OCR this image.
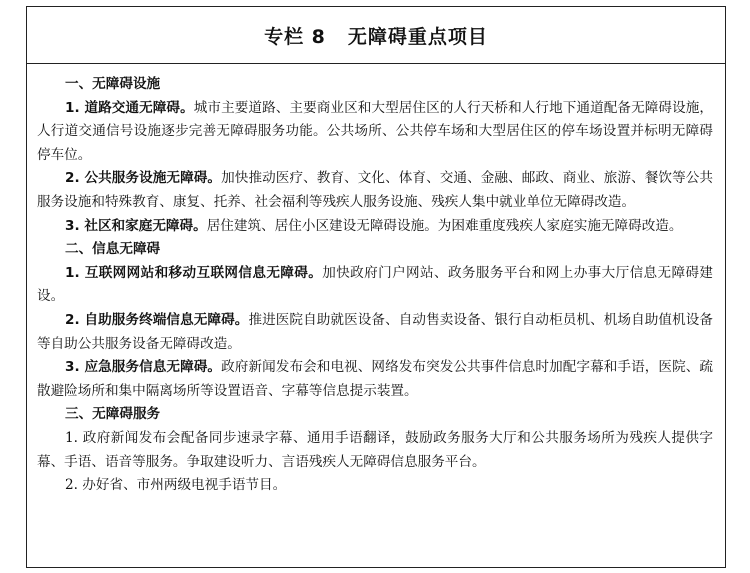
专栏 8 无障碍重点项目
一、无障碍设施
1. 道路交通无障碍。城市主要道路、主要商业区和大型居住区的人行天桥和人行地下通道配备无障碍设施，人行道交通信号设施逐步完善无障碍服务功能。公共场所、公共停车场和大型居住区的停车场设置并标明无障碍停车位。
2. 公共服务设施无障碍。加快推动医疗、教育、文化、体育、交通、金融、邮政、商业、旅游、餐饮等公共服务设施和特殊教育、康复、托养、社会福利等残疾人服务设施、残疾人集中就业单位无障碍改造。
3. 社区和家庭无障碍。居住建筑、居住小区建设无障碍设施。为困难重度残疾人家庭实施无障碍改造。
二、信息无障碍
1. 互联网网站和移动互联网信息无障碍。加快政府门户网站、政务服务平台和网上办事大厅信息无障碍建设。
2. 自助服务终端信息无障碍。推进医院自助就医设备、自动售卖设备、银行自动柜员机、机场自助值机设备等自助公共服务设备无障碍改造。
3. 应急服务信息无障碍。政府新闻发布会和电视、网络发布突发公共事件信息时加配字幕和手语，医院、疏散避险场所和集中隔离场所等设置语音、字幕等信息提示装置。
三、无障碍服务
1. 政府新闻发布会配备同步速录字幕、通用手语翻译，鼓励政务服务大厅和公共服务场所为残疾人提供字幕、手语、语音等服务。争取建设听力、言语残疾人无障碍信息服务平台。
2. 办好省、市州两级电视手语节目。
